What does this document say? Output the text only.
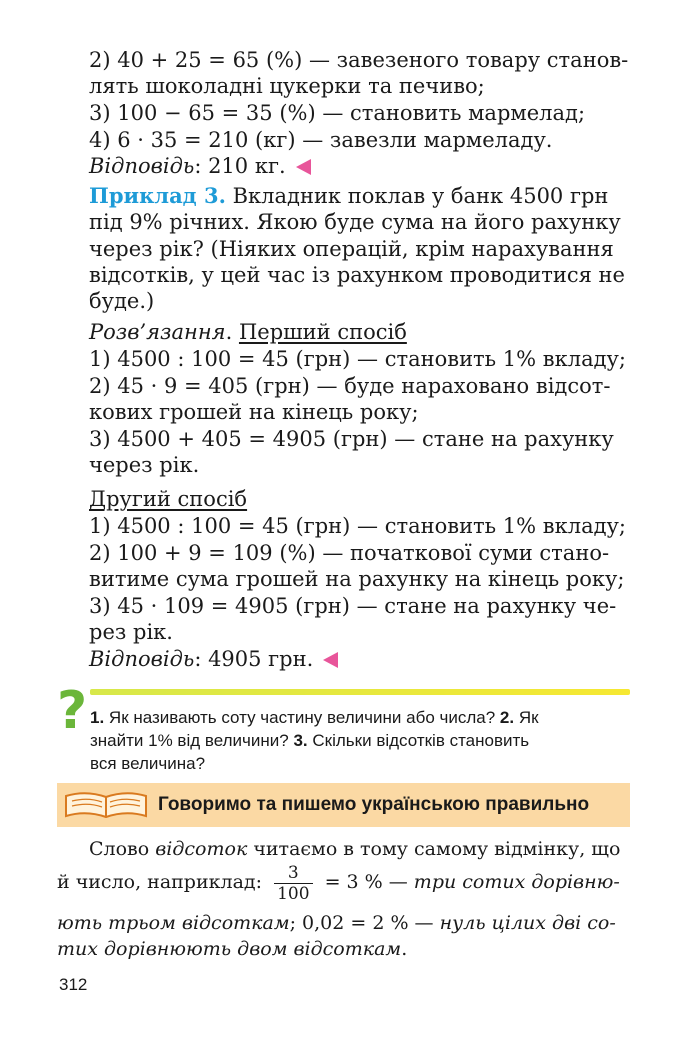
2) 40 + 25 = 65 (%) — завезеного товару станов-
лять шоколадні цукерки та печиво;
3) 100 − 65 = 35 (%) — становить мармелад;
4) 6 · 35 = 210 (кг) — завезли мармеладу.
Відповідь: 210 кг.
Приклад 3. Вкладник поклав у банк 4500 грн
під 9% річних. Якою буде сума на його рахунку
через рік? (Ніяких операцій, крім нарахування
відсотків, у цей час із рахунком проводитися не
буде.)
Розв’язання. Перший спосіб
1) 4500 : 100 = 45 (грн) — становить 1% вкладу;
2) 45 · 9 = 405 (грн) — буде нараховано відсот-
кових грошей на кінець року;
3) 4500 + 405 = 4905 (грн) — стане на рахунку
через рік.
Другий спосіб
1) 4500 : 100 = 45 (грн) — становить 1% вкладу;
2) 100 + 9 = 109 (%) — початкової суми стано-
витиме сума грошей на рахунку на кінець року;
3) 45 · 109 = 4905 (грн) — стане на рахунку че-
рез рік.
Відповідь: 4905 грн.
? 1. Як називають соту частину величини або числа? 2. Як
знайти 1% від величини? 3. Скільки відсотків становить
вся величина?
Говоримо та пишемо українською правильно
Слово відсоток читаємо в тому самому відмінку, що
й число, наприклад: $\frac{3}{100} = 3$ % — три сотих дорівню-
ють трьом відсоткам; 0,02 = 2 % — нуль цілих дві со-
тих дорівнюють двом відсоткам.
312
